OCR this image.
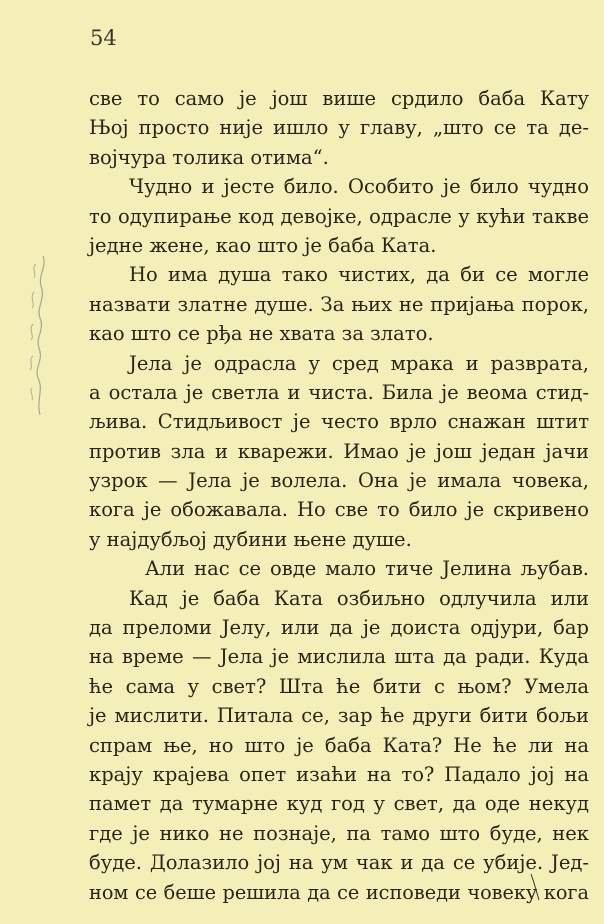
54
све то само је још више срдило баба Кату
Њој просто није ишло у главу, „што се та де-
војчура толика отима“.
Чудно и јесте било. Особито је било чудно
то одупирање код девојке, одрасле у кући такве
једне жене, као што је баба Ката.
Но има душа тако чистих, да би се могле
назвати златне душе. За њих не пријања порок,
као што се рђа не хвата за злато.
Јела је одрасла у сред мрака и разврата,
а остала је светла и чиста. Била је веома стид-
љива. Стидљивост је често врло снажан штит
против зла и кварежи. Имао је још један јачи
узрок — Јела је волела. Она је имала човека,
кога је обожавала. Но све то било је скривено
у најдубљој дубини њене душе.
Али нас се овде мало тиче Јелина љубав.
Кад је баба Ката озбиљно одлучила или
да преломи Јелу, или да је доиста одјури, бар
на време — Јела је мислила шта да ради. Куда
ће сама у свет? Шта ће бити с њом? Умела
је мислити. Питала се, зар ће други бити бољи
спрам ње, но што је баба Ката? Не ће ли на
крају крајева опет изаћи на то? Падало јој на
памет да тумарне куд год у свет, да оде некуд
где је нико не познаје, па тамо што буде, нек
буде. Долазило јој на ум чак и да се убије. Јед-
ном се беше решила да се исповеди човеку кога
